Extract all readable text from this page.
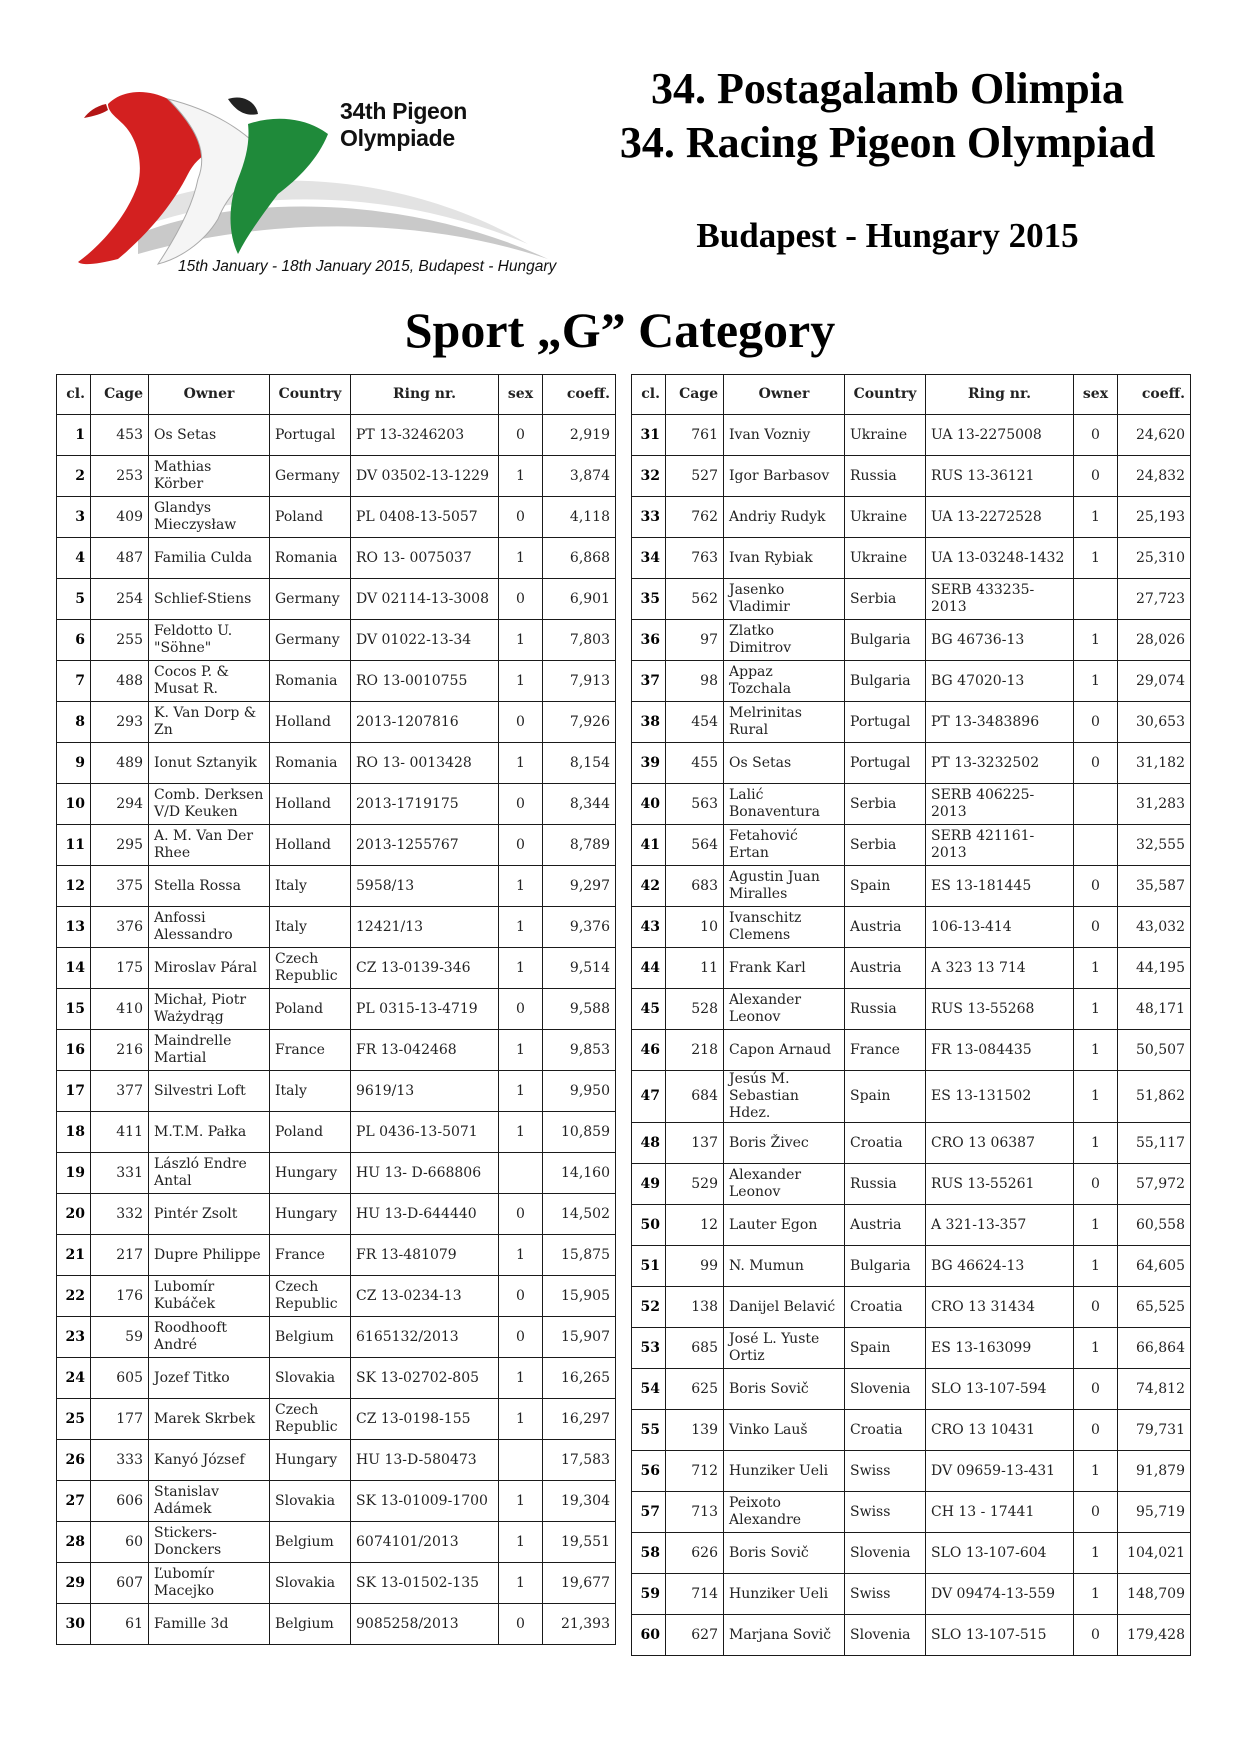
34th Pigeon Olympiade
15th January - 18th January 2015, Budapest - Hungary
34. Postagalamb Olimpia
34. Racing Pigeon Olympiad
Budapest - Hungary 2015
Sport „G” Category
cl.	Cage	Owner	Country	Ring nr.	sex	coeff.
1	453	Os Setas	Portugal	PT 13-3246203	0	2,919
2	253	Mathias Körber	Germany	DV 03502-13-1229	1	3,874
3	409	Glandys Mieczysław	Poland	PL 0408-13-5057	0	4,118
4	487	Familia Culda	Romania	RO 13- 0075037	1	6,868
5	254	Schlief-Stiens	Germany	DV 02114-13-3008	0	6,901
6	255	Feldotto U. "Söhne"	Germany	DV 01022-13-34	1	7,803
7	488	Cocos P. & Musat R.	Romania	RO 13-0010755	1	7,913
8	293	K. Van Dorp & Zn	Holland	2013-1207816	0	7,926
9	489	Ionut Sztanyik	Romania	RO 13- 0013428	1	8,154
10	294	Comb. Derksen V/D Keuken	Holland	2013-1719175	0	8,344
11	295	A. M. Van Der Rhee	Holland	2013-1255767	0	8,789
12	375	Stella Rossa	Italy	5958/13	1	9,297
13	376	Anfossi Alessandro	Italy	12421/13	1	9,376
14	175	Miroslav Páral	Czech Republic	CZ 13-0139-346	1	9,514
15	410	Michał, Piotr Ważydrąg	Poland	PL 0315-13-4719	0	9,588
16	216	Maindrelle Martial	France	FR 13-042468	1	9,853
17	377	Silvestri Loft	Italy	9619/13	1	9,950
18	411	M.T.M. Pałka	Poland	PL 0436-13-5071	1	10,859
19	331	László Endre Antal	Hungary	HU 13- D-668806		14,160
20	332	Pintér Zsolt	Hungary	HU 13-D-644440	0	14,502
21	217	Dupre Philippe	France	FR 13-481079	1	15,875
22	176	Lubomír Kubáček	Czech Republic	CZ 13-0234-13	0	15,905
23	59	Roodhooft André	Belgium	6165132/2013	0	15,907
24	605	Jozef Titko	Slovakia	SK 13-02702-805	1	16,265
25	177	Marek Skrbek	Czech Republic	CZ 13-0198-155	1	16,297
26	333	Kanyó József	Hungary	HU 13-D-580473		17,583
27	606	Stanislav Adámek	Slovakia	SK 13-01009-1700	1	19,304
28	60	Stickers-Donckers	Belgium	6074101/2013	1	19,551
29	607	Ľubomír Macejko	Slovakia	SK 13-01502-135	1	19,677
30	61	Famille 3d	Belgium	9085258/2013	0	21,393
cl.	Cage	Owner	Country	Ring nr.	sex	coeff.
31	761	Ivan Vozniy	Ukraine	UA 13-2275008	0	24,620
32	527	Igor Barbasov	Russia	RUS 13-36121	0	24,832
33	762	Andriy Rudyk	Ukraine	UA 13-2272528	1	25,193
34	763	Ivan Rybiak	Ukraine	UA 13-03248-1432	1	25,310
35	562	Jasenko Vladimir	Serbia	SERB 433235-2013		27,723
36	97	Zlatko Dimitrov	Bulgaria	BG 46736-13	1	28,026
37	98	Appaz Tozchala	Bulgaria	BG 47020-13	1	29,074
38	454	Melrinitas Rural	Portugal	PT 13-3483896	0	30,653
39	455	Os Setas	Portugal	PT 13-3232502	0	31,182
40	563	Lalić Bonaventura	Serbia	SERB 406225-2013		31,283
41	564	Fetahović Ertan	Serbia	SERB 421161-2013		32,555
42	683	Agustin Juan Miralles	Spain	ES 13-181445	0	35,587
43	10	Ivanschitz Clemens	Austria	106-13-414	0	43,032
44	11	Frank Karl	Austria	A 323 13 714	1	44,195
45	528	Alexander Leonov	Russia	RUS 13-55268	1	48,171
46	218	Capon Arnaud	France	FR 13-084435	1	50,507
47	684	Jesús M. Sebastian Hdez.	Spain	ES 13-131502	1	51,862
48	137	Boris Živec	Croatia	CRO 13 06387	1	55,117
49	529	Alexander Leonov	Russia	RUS 13-55261	0	57,972
50	12	Lauter Egon	Austria	A 321-13-357	1	60,558
51	99	N. Mumun	Bulgaria	BG 46624-13	1	64,605
52	138	Danijel Belavić	Croatia	CRO 13 31434	0	65,525
53	685	José L. Yuste Ortiz	Spain	ES 13-163099	1	66,864
54	625	Boris Sovič	Slovenia	SLO 13-107-594	0	74,812
55	139	Vinko Lauš	Croatia	CRO 13 10431	0	79,731
56	712	Hunziker Ueli	Swiss	DV 09659-13-431	1	91,879
57	713	Peixoto Alexandre	Swiss	CH 13 - 17441	0	95,719
58	626	Boris Sovič	Slovenia	SLO 13-107-604	1	104,021
59	714	Hunziker Ueli	Swiss	DV 09474-13-559	1	148,709
60	627	Marjana Sovič	Slovenia	SLO 13-107-515	0	179,428
